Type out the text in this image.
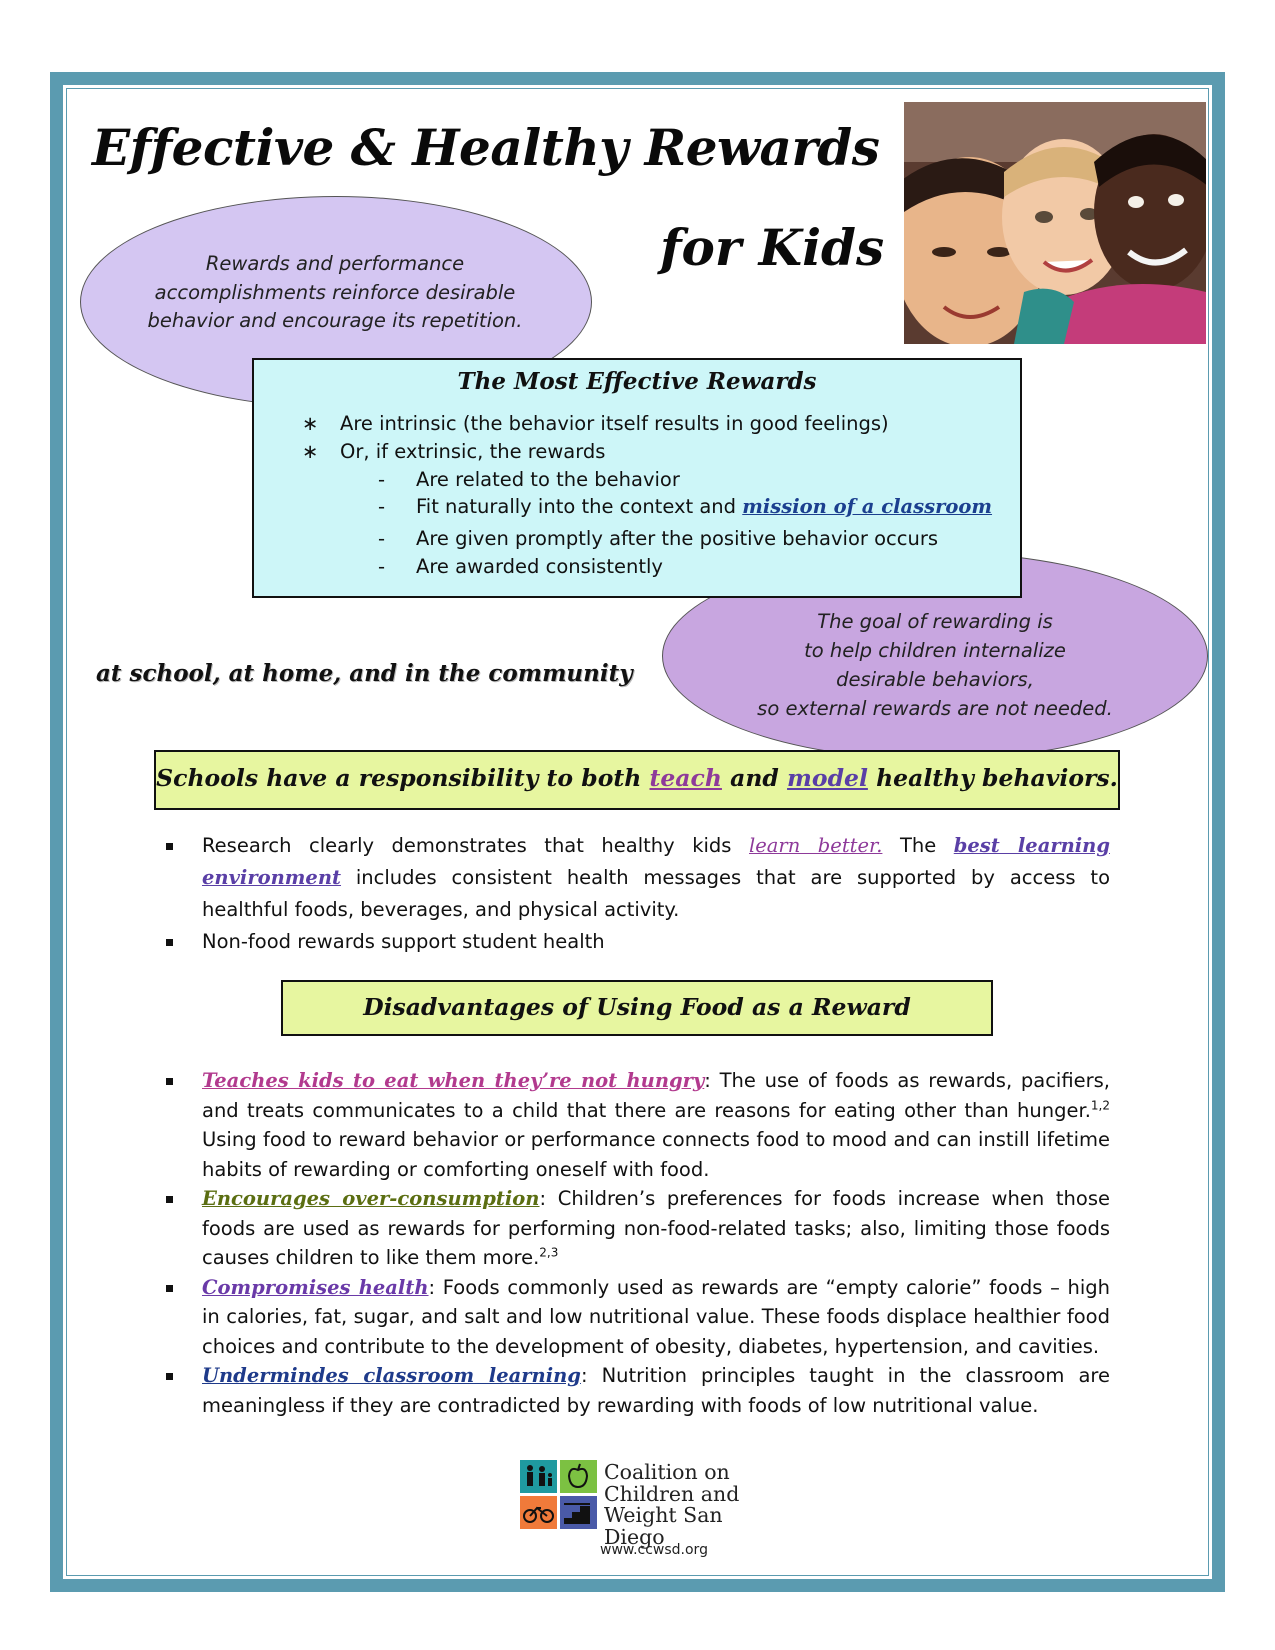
Effective & Healthy Rewards
for Kids
Rewards and performance
accomplishments reinforce desirable
behavior and encourage its repetition.
The goal of rewarding is
to help children internalize
desirable behaviors,
so external rewards are not needed.
The Most Effective Rewards
∗ Are intrinsic (the behavior itself results in good feelings)
∗ Or, if extrinsic, the rewards
- Are related to the behavior
- Fit naturally into the context and mission of a classroom
- Are given promptly after the positive behavior occurs
- Are awarded consistently
at school, at home, and in the community
Schools have a responsibility to both teach and model healthy behaviors.
Research clearly demonstrates that healthy kids learn better. The best learning environment includes consistent health messages that are supported by access to healthful foods, beverages, and physical activity.
Non-food rewards support student health
Disadvantages of Using Food as a Reward
Teaches kids to eat when they’re not hungry: The use of foods as rewards, pacifiers, and treats communicates to a child that there are reasons for eating other than hunger.$^{1,2}$ Using food to reward behavior or performance connects food to mood and can instill lifetime habits of rewarding or comforting oneself with food.
Encourages over-consumption: Children’s preferences for foods increase when those foods are used as rewards for performing non-food-related tasks; also, limiting those foods causes children to like them more.$^{2,3}$
Compromises health: Foods commonly used as rewards are “empty calorie” foods – high in calories, fat, sugar, and salt and low nutritional value. These foods displace healthier food choices and contribute to the development of obesity, diabetes, hypertension, and cavities.
Undermindes classroom learning: Nutrition principles taught in the classroom are meaningless if they are contradicted by rewarding with foods of low nutritional value.
Coalition on
Children and
Weight San Diego
www.ccwsd.org
